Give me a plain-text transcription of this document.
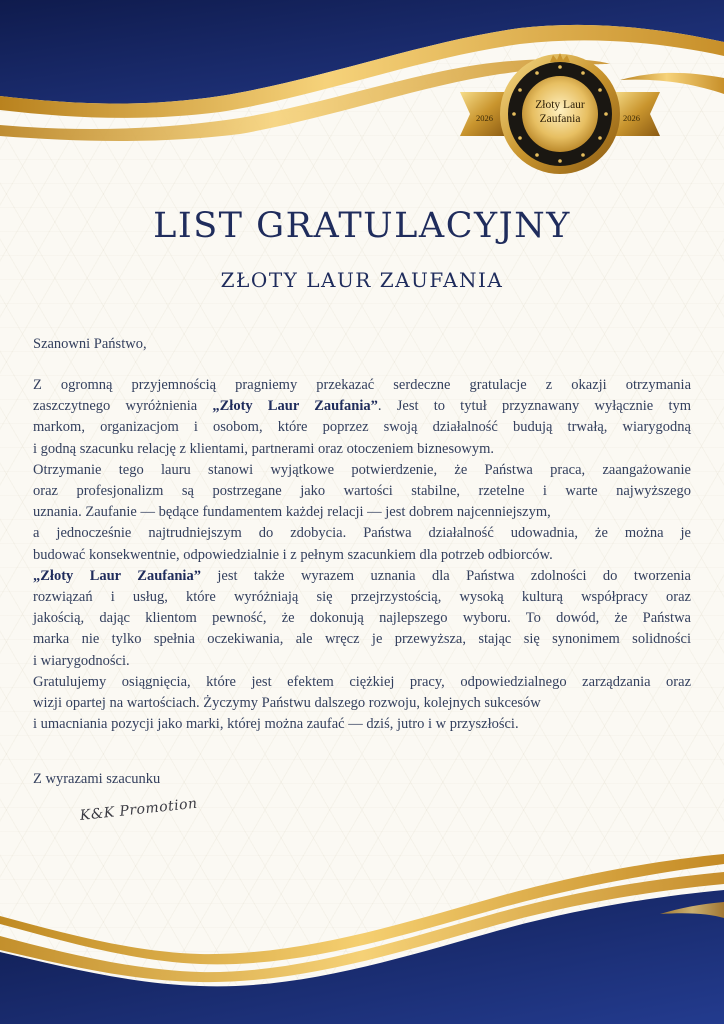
Złoty Laur
Zaufania
2026	2026
LIST GRATULACYJNY
ZŁOTY LAUR ZAUFANIA
Szanowni Państwo,
Z ogromną przyjemnością pragniemy przekazać serdeczne gratulacje z okazji otrzymania
zaszczytnego wyróżnienia „Złoty Laur Zaufania”. Jest to tytuł przyznawany wyłącznie tym
markom, organizacjom i osobom, które poprzez swoją działalność budują trwałą, wiarygodną
i godną szacunku relację z klientami, partnerami oraz otoczeniem biznesowym.
Otrzymanie tego lauru stanowi wyjątkowe potwierdzenie, że Państwa praca, zaangażowanie
oraz profesjonalizm są postrzegane jako wartości stabilne, rzetelne i warte najwyższego
uznania. Zaufanie — będące fundamentem każdej relacji — jest dobrem najcenniejszym,
a jednocześnie najtrudniejszym do zdobycia. Państwa działalność udowadnia, że można je
budować konsekwentnie, odpowiedzialnie i z pełnym szacunkiem dla potrzeb odbiorców.
„Złoty Laur Zaufania” jest także wyrazem uznania dla Państwa zdolności do tworzenia
rozwiązań i usług, które wyróżniają się przejrzystością, wysoką kulturą współpracy oraz
jakością, dając klientom pewność, że dokonują najlepszego wyboru. To dowód, że Państwa
marka nie tylko spełnia oczekiwania, ale wręcz je przewyższa, stając się synonimem solidności
i wiarygodności.
Gratulujemy osiągnięcia, które jest efektem ciężkiej pracy, odpowiedzialnego zarządzania oraz
wizji opartej na wartościach. Życzymy Państwu dalszego rozwoju, kolejnych sukcesów
i umacniania pozycji jako marki, której można zaufać — dziś, jutro i w przyszłości.
Z wyrazami szacunku
K&K Promotion
